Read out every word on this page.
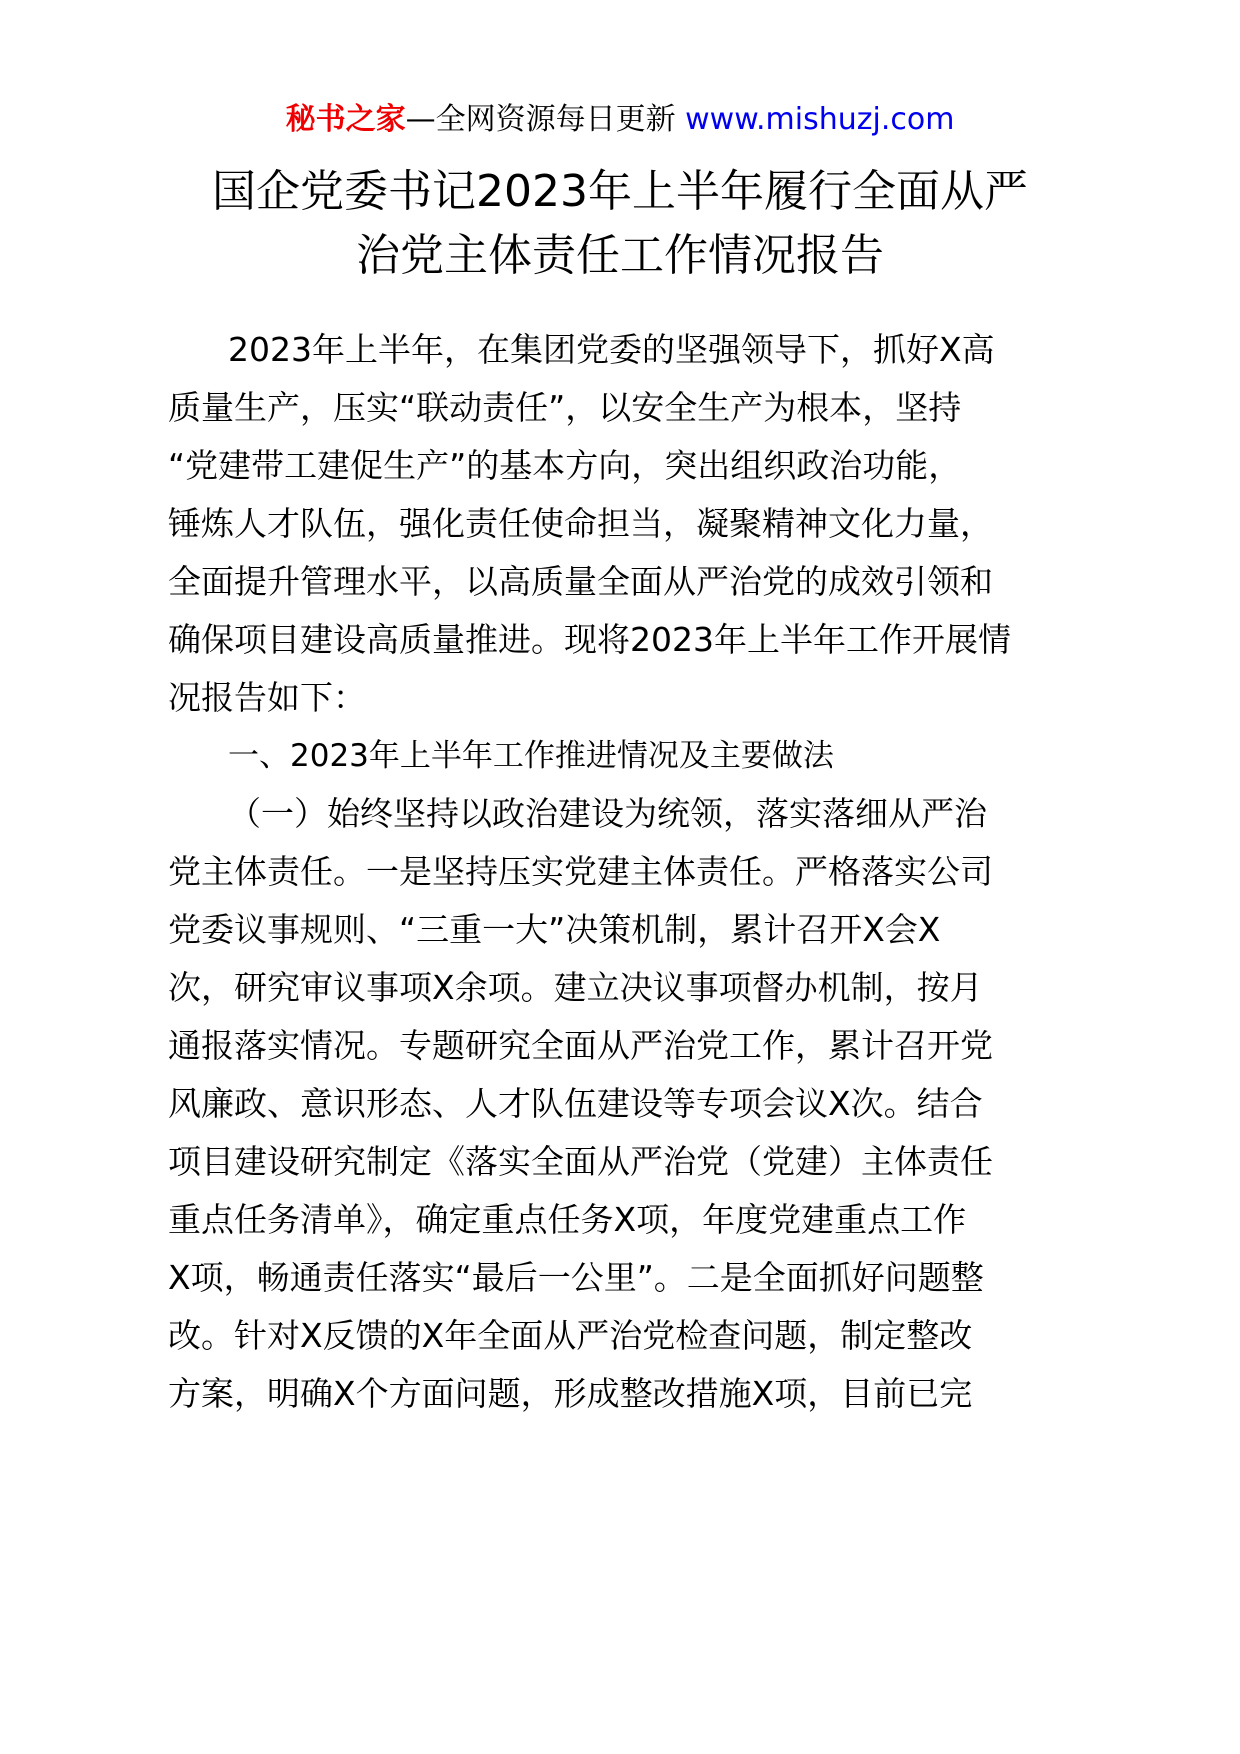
秘书之家—全网资源每日更新 www.mishuzj.com
国企党委书记2023年上半年履行全面从严
治党主体责任工作情况报告
2023年上半年，在集团党委的坚强领导下，抓好X高
质量生产，压实“联动责任”，以安全生产为根本，坚持
“党建带工建促生产”的基本方向，突出组织政治功能，
锤炼人才队伍，强化责任使命担当，凝聚精神文化力量，
全面提升管理水平，以高质量全面从严治党的成效引领和
确保项目建设高质量推进。现将2023年上半年工作开展情
况报告如下：
一、2023年上半年工作推进情况及主要做法
（一）始终坚持以政治建设为统领，落实落细从严治
党主体责任。一是坚持压实党建主体责任。严格落实公司
党委议事规则、“三重一大”决策机制，累计召开X会X
次，研究审议事项X余项。建立决议事项督办机制，按月
通报落实情况。专题研究全面从严治党工作，累计召开党
风廉政、意识形态、人才队伍建设等专项会议X次。结合
项目建设研究制定《落实全面从严治党（党建）主体责任
重点任务清单》，确定重点任务X项，年度党建重点工作
X项，畅通责任落实“最后一公里”。二是全面抓好问题整
改。针对X反馈的X年全面从严治党检查问题，制定整改
方案，明确X个方面问题，形成整改措施X项，目前已完
